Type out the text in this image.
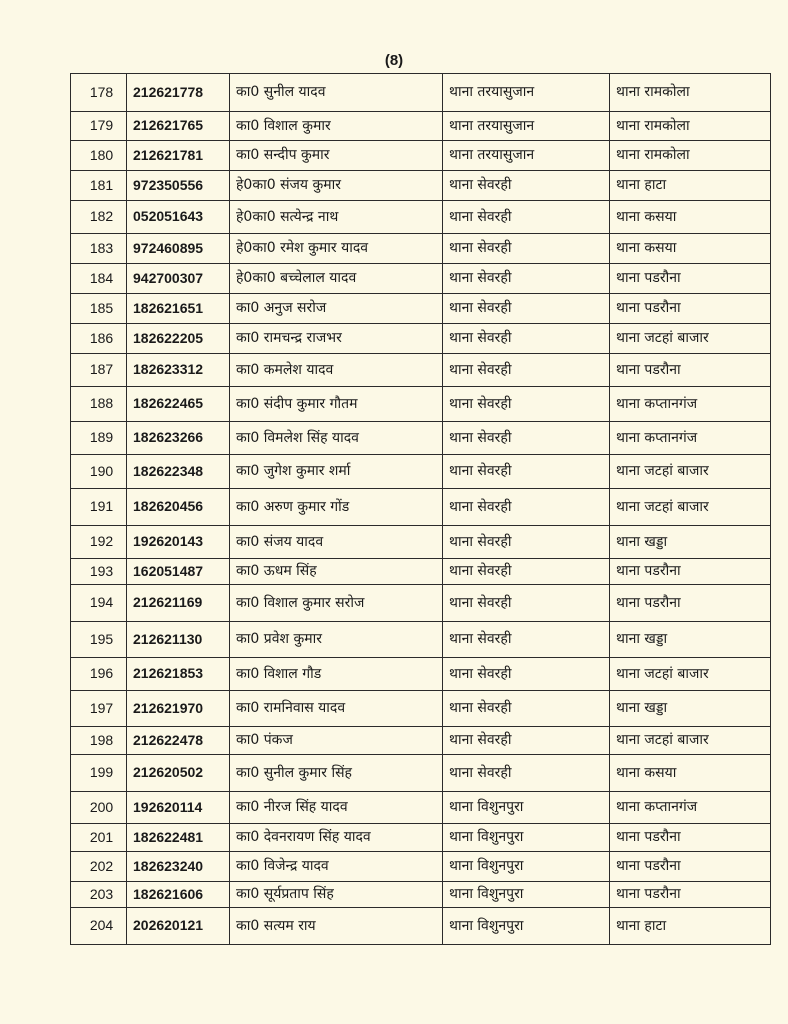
(8)
178	212621778	का0 सुनील यादव	थाना तरयासुजान	थाना रामकोला
179	212621765	का0 विशाल कुमार	थाना तरयासुजान	थाना रामकोला
180	212621781	का0 सन्दीप कुमार	थाना तरयासुजान	थाना रामकोला
181	972350556	हे0का0 संजय कुमार	थाना सेवरही	थाना हाटा
182	052051643	हे0का0 सत्येन्द्र नाथ	थाना सेवरही	थाना कसया
183	972460895	हे0का0 रमेश कुमार यादव	थाना सेवरही	थाना कसया
184	942700307	हे0का0 बच्चेलाल यादव	थाना सेवरही	थाना पडरौना
185	182621651	का0 अनुज सरोज	थाना सेवरही	थाना पडरौना
186	182622205	का0 रामचन्द्र राजभर	थाना सेवरही	थाना जटहां बाजार
187	182623312	का0 कमलेश यादव	थाना सेवरही	थाना पडरौना
188	182622465	का0 संदीप कुमार गौतम	थाना सेवरही	थाना कप्तानगंज
189	182623266	का0 विमलेश सिंह यादव	थाना सेवरही	थाना कप्तानगंज
190	182622348	का0 जुगेश कुमार शर्मा	थाना सेवरही	थाना जटहां बाजार
191	182620456	का0 अरुण कुमार गोंड	थाना सेवरही	थाना जटहां बाजार
192	192620143	का0 संजय यादव	थाना सेवरही	थाना खड्डा
193	162051487	का0 ऊधम सिंह	थाना सेवरही	थाना पडरौना
194	212621169	का0 विशाल कुमार सरोज	थाना सेवरही	थाना पडरौना
195	212621130	का0 प्रवेश कुमार	थाना सेवरही	थाना खड्डा
196	212621853	का0 विशाल गौड	थाना सेवरही	थाना जटहां बाजार
197	212621970	का0 रामनिवास यादव	थाना सेवरही	थाना खड्डा
198	212622478	का0 पंकज	थाना सेवरही	थाना जटहां बाजार
199	212620502	का0 सुनील कुमार सिंह	थाना सेवरही	थाना कसया
200	192620114	का0 नीरज सिंह यादव	थाना विशुनपुरा	थाना कप्तानगंज
201	182622481	का0 देवनरायण सिंह यादव	थाना विशुनपुरा	थाना पडरौना
202	182623240	का0 विजेन्द्र यादव	थाना विशुनपुरा	थाना पडरौना
203	182621606	का0 सूर्यप्रताप सिंह	थाना विशुनपुरा	थाना पडरौना
204	202620121	का0 सत्यम राय	थाना विशुनपुरा	थाना हाटा
